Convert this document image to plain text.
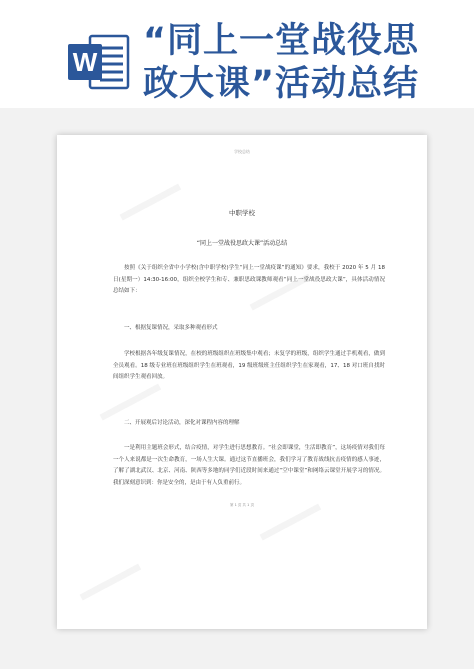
W
“同上一堂战役思
政大课”活动总结
■■■■■■■■■■
■■■■■■■■■■
■■■■■■■■■■
■■■■■■■■■■
■■■■■■■■■■
学校总结
中职学校
“同上一堂战役思政大课”活动总结

按照《关于组织全省中小学校(含中职学校)学生“同上一堂战疫课”的通知》要求，我校于 2020 年 5 月 18 日(星期一）14:30-16:00，组织全校学生和专、兼职思政课教师观看“同上一堂战役思政大课”，具体活动情况总结如下：

一、根据复课情况，采取多种观看形式

学校根据各年级复课情况，在校的班级组织在班级集中观看；未复学的班级，组织学生通过手机观看，做到全员观看。18 级专业班在班级组织学生在班观看，19 级班级班主任组织学生在家观看，17、18 对口班自找时间组织学生观看回放。

二、开展观后讨论活动，深化对课程内容的理解

一是利用主题班会形式，结合疫情，对学生进行思想教育。“社会即课堂，生活即教育”，这场疫情对我们每一个人来说都是一次生命教育，一场人生大课。通过这节直播班会，我们学习了教育战线抗击疫情的感人事迹，了解了湖北武汉、北京、河南、陕西等多地的同学们近段时间来通过“空中课堂”和网络云课堂开展学习的情况。我们深刻意识到：你是安全的，是由于有人负重前行。

第 1 页 共 1 页
